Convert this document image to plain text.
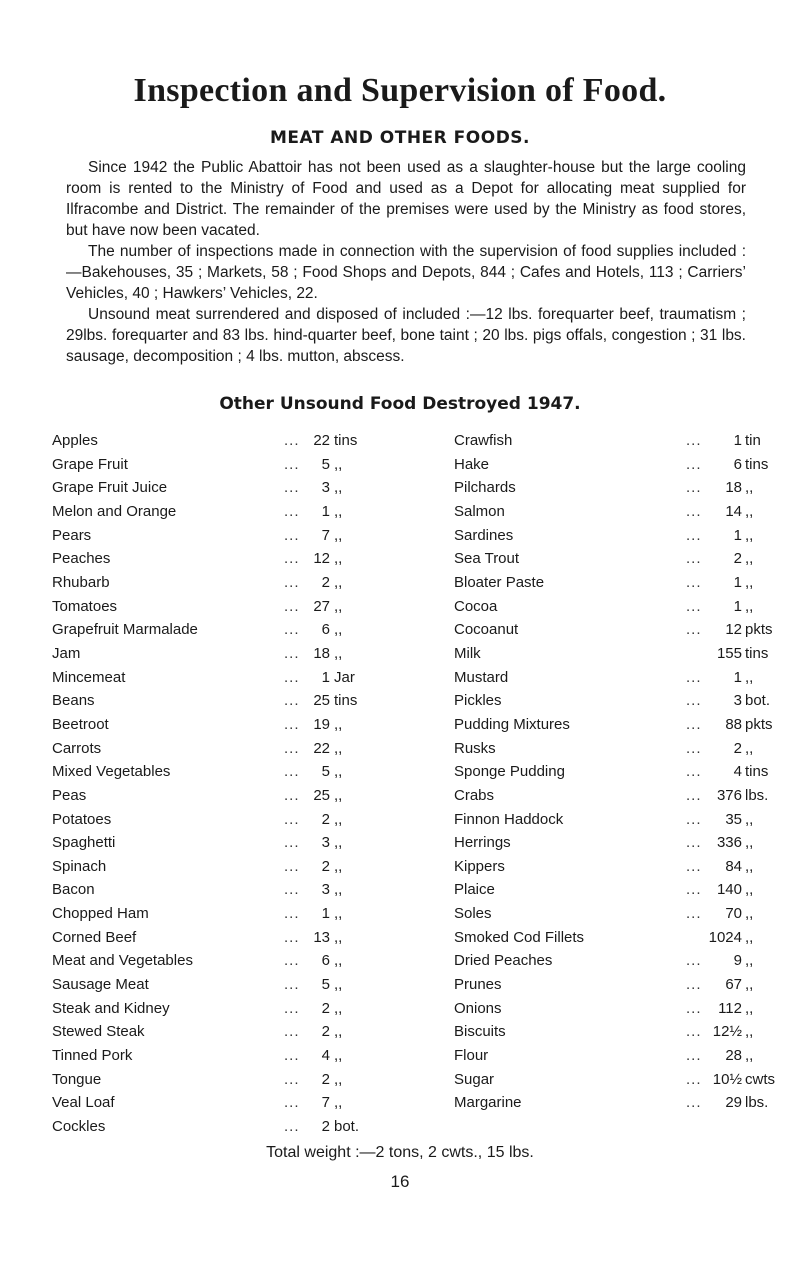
Inspection and Supervision of Food.
MEAT AND OTHER FOODS.

Since 1942 the Public Abattoir has not been used as a slaughter-house but the large cooling room is rented to the Ministry of Food and used as a Depot for allocating meat supplied for Ilfracombe and District. The remainder of the premises were used by the Ministry as food stores, but have now been vacated.

The number of inspections made in connection with the supervision of food supplies included :—Bakehouses, 35 ; Markets, 58 ; Food Shops and Depots, 844 ; Cafes and Hotels, 113 ; Carriers’ Vehicles, 40 ; Hawkers’ Vehicles, 22.

Unsound meat surrendered and disposed of included :—12 lbs. forequarter beef, traumatism ; 29lbs. forequarter and 83 lbs. hind-quarter beef, bone taint ; 20 lbs. pigs offals, congestion ; 31 lbs. sausage, decomposition ; 4 lbs. mutton, abscess.

Other Unsound Food Destroyed 1947.
Apples	... 22 tins
Grape Fruit	...	5 ,,
Grape Fruit Juice	...	3 ,,
Melon and Orange	...	1 ,,
Pears	...	7 ,,
Peaches	... 12 ,,
Rhubarb	...	2 ,,
Tomatoes	... 27 ,,
Grapefruit Marmalade	...	6 ,,
Jam	... 18 ,,
Mincemeat	...	1 Jar
Beans	... 25 tins
Beetroot	... 19 ,,
Carrots	... 22 ,,
Mixed Vegetables	...	5 ,,
Peas	... 25 ,,
Potatoes	...	2 ,,
Spaghetti	...	3 ,,
Spinach	...	2 ,,
Bacon	...	3 ,,
Chopped Ham	...	1 ,,
Corned Beef	... 13 ,,
Meat and Vegetables	...	6 ,,
Sausage Meat	...	5 ,,
Steak and Kidney	...	2 ,,
Stewed Steak	...	2 ,,
Tinned Pork	...	4 ,,
Tongue	...	2 ,,
Veal Loaf	...	7 ,,
Cockles	...	2 bot.
Crawfish	...	1 tin
Hake	...	6 tins
Pilchards	...	18 ,,
Salmon	...	14 ,,
Sardines	...	1 ,,
Sea Trout	...	2 ,,
Bloater Paste	...	1 ,,
Cocoa	...	1 ,,
Cocoanut	...	12 pkts
Milk	155 tins
Mustard	...	1 ,,
Pickles	...	3 bot.
Pudding Mixtures	...	88 pkts
Rusks	...	2 ,,
Sponge Pudding	...	4 tins
Crabs	...	376 lbs.
Finnon Haddock	...	35 ,,
Herrings	...	336 ,,
Kippers	...	84 ,,
Plaice	...	140 ,,
Soles	...	70 ,,
Smoked Cod Fillets	1024 ,,
Dried Peaches	...	9 ,,
Prunes	...	67 ,,
Onions	...	112 ,,
Biscuits	... 12½ ,,
Flour	...	28 ,,
Sugar	... 10½ cwts
Margarine	...	29 lbs.
Total weight :—2 tons, 2 cwts., 15 lbs.
16
